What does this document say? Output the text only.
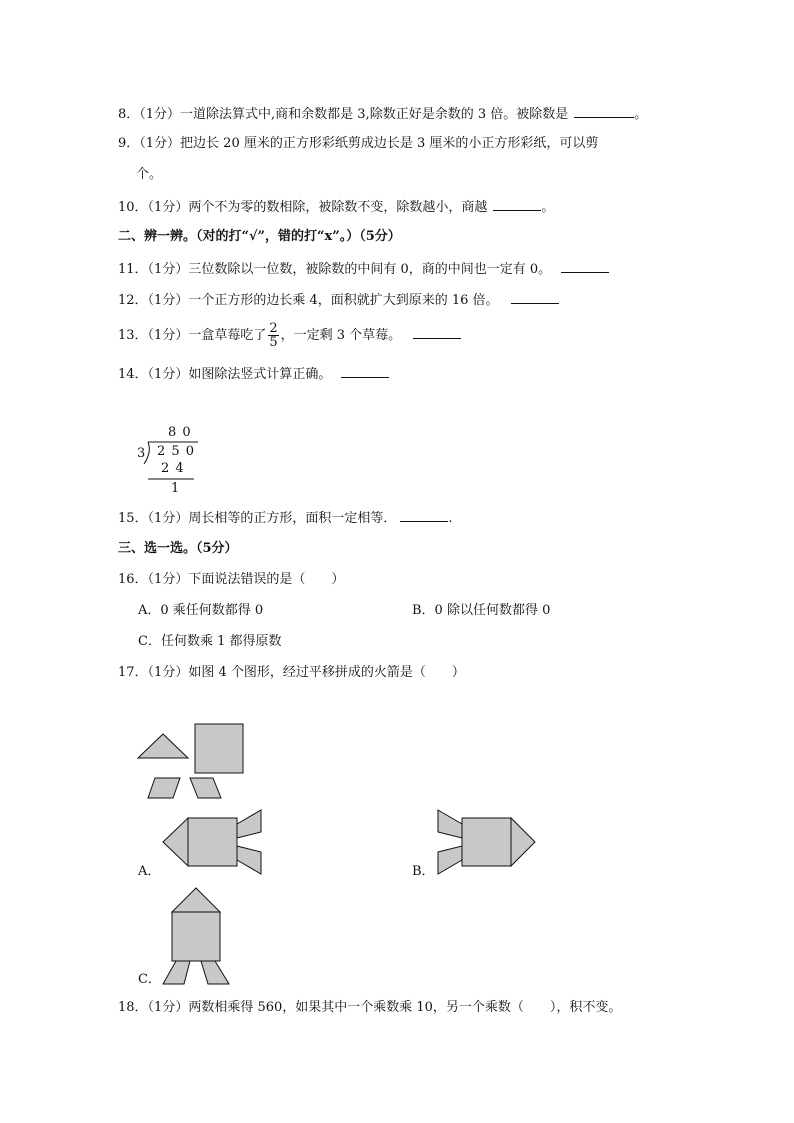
8．（1分）一道除法算式中,商和余数都是 3,除数正好是余数的 3 倍。被除数是	。
9．（1分）把边长 20 厘米的正方形彩纸剪成边长是 3 厘米的小正方形彩纸，可以剪
个。
10．（1分）两个不为零的数相除，被除数不变，除数越小，商越	。
二、辨一辨。（对的打“√”，错的打“x”。）（5分）
11．（1分）三位数除以一位数，被除数的中间有 0，商的中间也一定有 0。
12．（1分）一个正方形的边长乘 4，面积就扩大到原来的 16 倍。
13．（1分）一盒草莓吃了 $\frac{2}{5}$ ，一定剩 3 个草莓。
14．（1分）如图除法竖式计算正确。
8 0
3 2 5 0
2 4
1
15．（1分）周长相等的正方形，面积一定相等．	.
三、选一选。（5分）
16．（1分）下面说法错误的是（　　）
A．0 乘任何数都得 0	B．0 除以任何数都得 0
C．任何数乘 1 都得原数
17．（1分）如图 4 个图形，经过平移拼成的火箭是（　　）
A．	B．
C．
18．（1分）两数相乘得 560，如果其中一个乘数乘 10，另一个乘数（　　），积不变。
